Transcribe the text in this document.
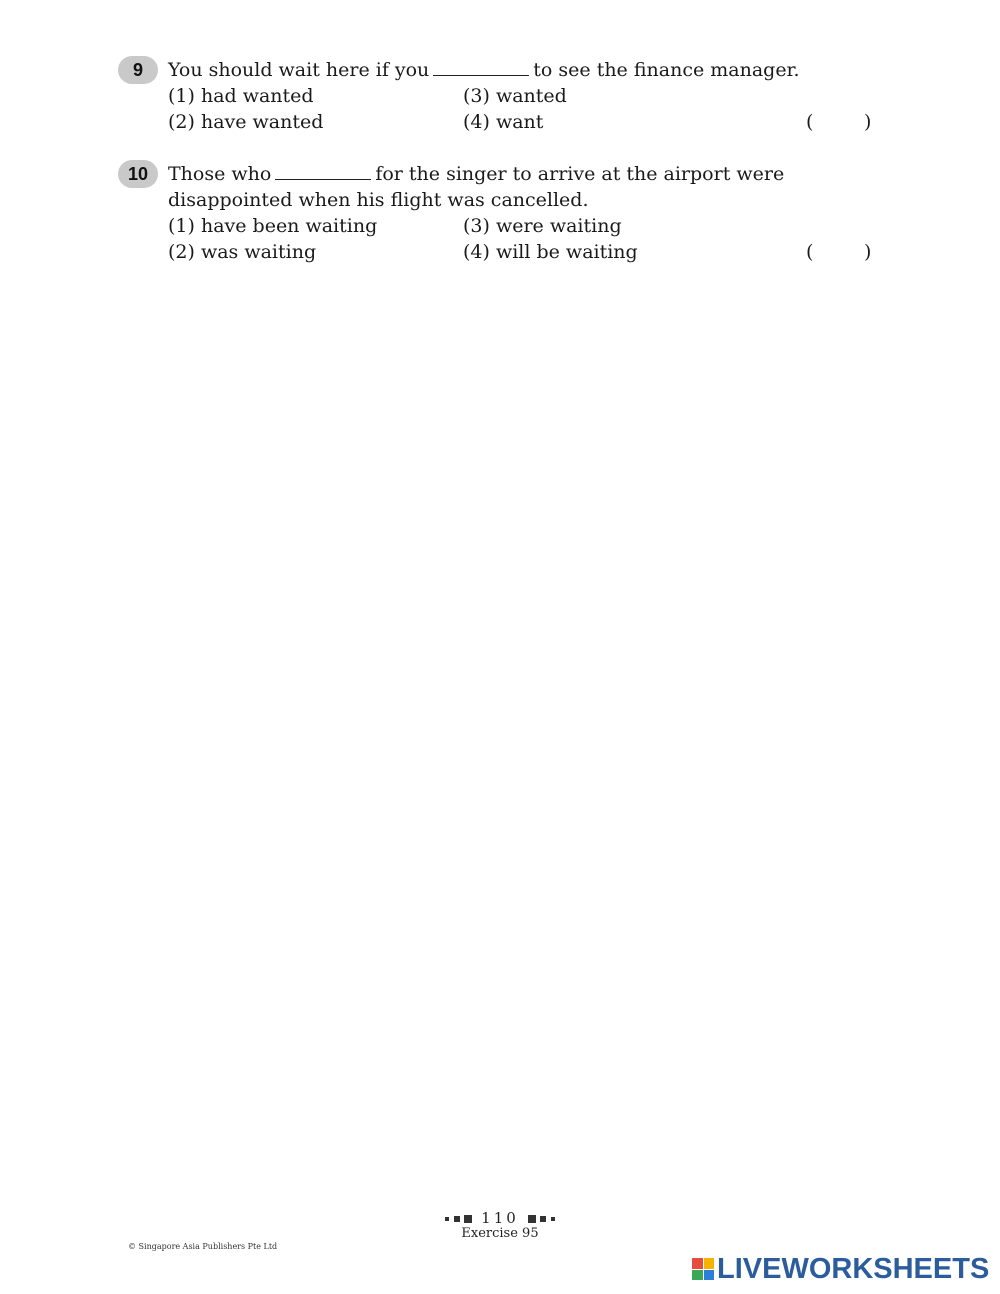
9	You should wait here if you	to see the finance manager.
(1) had wanted
(2) have wanted
(3) wanted
(4) want	(	)
10	Those who	for the singer to arrive at the airport were disappointed when his flight was cancelled.
(1) have been waiting
(2) was waiting
(3) were waiting
(4) will be waiting	(	)
110
Exercise 95
© Singapore Asia Publishers Pte Ltd
LIVEWORKSHEETS
